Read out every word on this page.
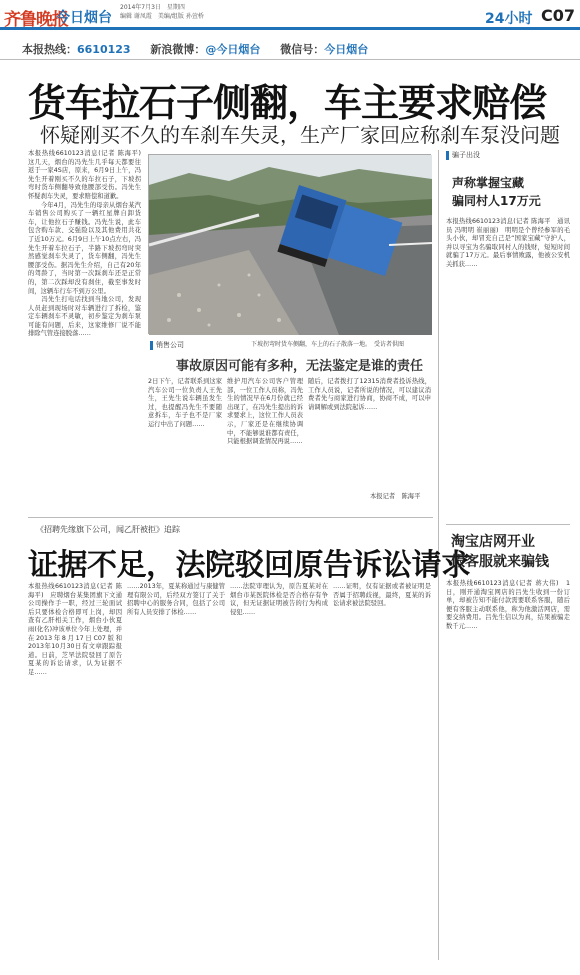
齐鲁晚报
今日烟台
2014年7月3日　星期四
编辑 谢凤霞　美编/组版 孙萱桥	24小时 C07
本报热线：6610123 新浪微博：@今日烟台 微信号：今日烟台
货车拉石子侧翻，车主要求赔偿
怀疑刚买不久的车刹车失灵，生产厂家回应称刹车泵没问题
本报热线6610123消息(记者 陈海平)　这几天，烟台的冯先生几乎每天都要往返于一家4S店，原来，6月9日上午，冯先生开着刚买不久的车拉石子，下坡拐弯时货车侧翻导致他腰部受伤。冯先生怀疑刹车失灵，要求赔偿和道歉。
　　今年4月，冯先生的母亲从烟台某汽车销售公司购买了一辆红星牌自卸货车，让他拉石子赚钱。冯先生说，此车包含购车款、交强险以及其他费用共花了近10万元。6月9日上午10点左右，冯先生开着车拉石子，半路下坡拐弯时突然感觉刹车失灵了，货车侧翻，冯先生腰部受伤。据冯先生介绍，自己有20年的驾龄了，当时第一次踩刹车还是正常的，第二次踩却没有刹住，截至事发时间，这辆车行车不到万公里。
　　冯先生打电话找到当地公司，发现人员赶到现场时对车辆进行了拆检，鉴定车辆刹车不灵敏，初步鉴定为刹车泵可能有问题，后来，这家维修厂说不能排除气管连接脱落……
下坡拐弯时货车侧翻，车上的石子散落一地。　受访者供图
销售公司
事故原因可能有多种，无法鉴定是谁的责任
2日下午，记者联系到这家汽车公司一位负责人王先生，王先生说车辆虽发生过，也提醒冯先生不要随意拆车，车子也不是厂家运行中出了问题……
维护用汽车公司客户管理部，一位工作人员称，冯先生的情况早在6月份就已经出现了，在冯先生提出的诉求要求上，这位工作人员表示，厂家还是在继续协调中，不能够说谁都有责任，只能根据调查情况再说……
随后，记者拨打了12315消费者投诉热线，工作人员说，记者所说的情况，可以建议消费者先与商家进行协商，协商不成，可以申请调解或到法院起诉……
本报记者　陈海平
《招聘先缘旗下公司，闻乙肝被拒》追踪
证据不足，法院驳回原告诉讼请求
本报热线6610123消息(记者 陈海平)　应聘烟台某集团旗下文通公司操作手一职，经过三轮面试后只要体检合格即可上岗，却因查有乙肝相关工作，烟台小伙夏雨(化名)冲该单位今年上处理，并在2013年8月17日C07版和2013年10月30日有文章跟踪报道。日前，芝罘法院驳回了原告夏某的诉讼请求，认为证据不足……
……2013年，夏某称通过与康健管理有限公司，后经双方签订了关于招聘中心的服务合同，包括了公司所有人员安排了体检……
……法院审理认为，原告夏某对在烟台市某医院体检是否合格存有争议，但无证据证明被告的行为构成侵犯……
……证明，仅有证据或者被证明是否属于招聘歧视，最终，夏某的诉讼请求被法院驳回。
骗子出没
声称掌握宝藏
骗同村人17万元
本报热线6610123消息(记者 陈海平　通讯员 冯明明 崔丽丽)　明明是个曾经参军的毛头小伙，却冒充自己是“国家宝藏”守护人，并以寻宝为名骗取同村人的钱财，短短时间就骗了17万元。最后事情败露，他被公安机关抓获……
淘宝店网开业
假客服就来骗钱
本报热线6610123消息(记者 蒋大伟)　1日，刚开通淘宝网店的吕先生收到一份订单，却被告知不能付款需要联系客服，随后便有客服主动联系他，称为他激活网店，需要交纳费用。吕先生信以为真，结果被骗走数千元……
